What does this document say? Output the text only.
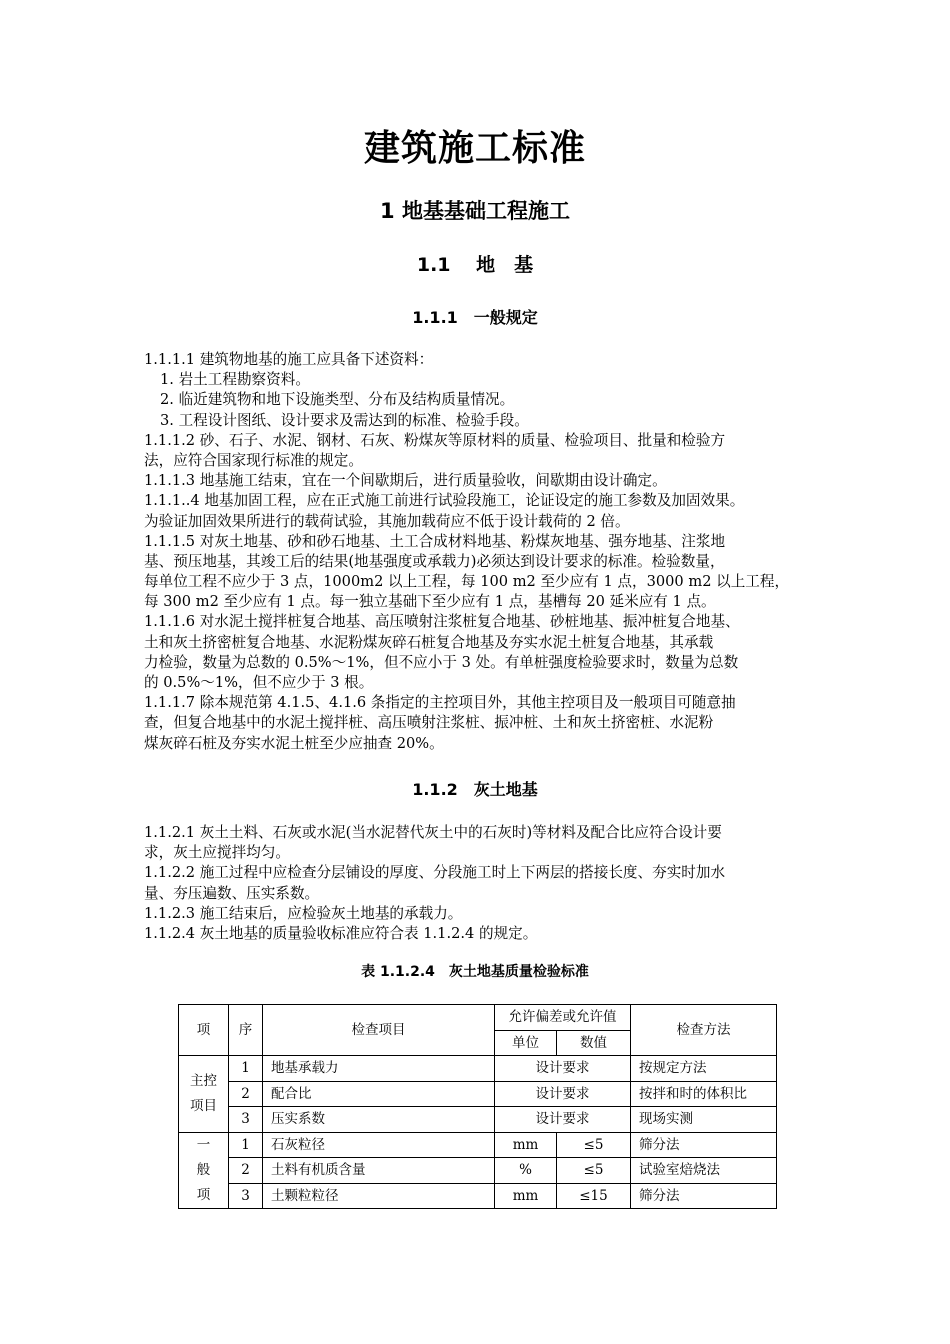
建筑施工标准
1 地基基础工程施工
1.1　 地　基
1.1.1　一般规定
1.1.1.1 建筑物地基的施工应具备下述资料：
1. 岩土工程勘察资料。
2. 临近建筑物和地下设施类型、分布及结构质量情况。
3. 工程设计图纸、设计要求及需达到的标准、检验手段。
1.1.1.2 砂、石子、水泥、钢材、石灰、粉煤灰等原材料的质量、检验项目、批量和检验方
法，应符合国家现行标准的规定。
1.1.1.3 地基施工结束，宜在一个间歇期后，进行质量验收，间歇期由设计确定。
1.1.1..4 地基加固工程，应在正式施工前进行试验段施工，论证设定的施工参数及加固效果。
为验证加固效果所进行的载荷试验，其施加载荷应不低于设计载荷的 2 倍。
1.1.1.5 对灰土地基、砂和砂石地基、土工合成材料地基、粉煤灰地基、强夯地基、注浆地
基、预压地基，其竣工后的结果(地基强度或承载力)必须达到设计要求的标准。检验数量，
每单位工程不应少于 3 点，1000m2 以上工程，每 100 m2 至少应有 1 点，3000 m2 以上工程，
每 300 m2 至少应有 1 点。每一独立基础下至少应有 1 点，基槽每 20 延米应有 1 点。
1.1.1.6 对水泥土搅拌桩复合地基、高压喷射注浆桩复合地基、砂桩地基、振冲桩复合地基、
土和灰土挤密桩复合地基、水泥粉煤灰碎石桩复合地基及夯实水泥土桩复合地基，其承载
力检验，数量为总数的 0.5%～1%，但不应小于 3 处。有单桩强度检验要求时，数量为总数
的 0.5%～1%，但不应少于 3 根。
1.1.1.7 除本规范第 4.1.5、4.1.6 条指定的主控项目外，其他主控项目及一般项目可随意抽
查，但复合地基中的水泥土搅拌桩、高压喷射注浆桩、振冲桩、土和灰土挤密桩、水泥粉
煤灰碎石桩及夯实水泥土桩至少应抽查 20%。
1.1.2　灰土地基
1.1.2.1 灰土土料、石灰或水泥(当水泥替代灰土中的石灰时)等材料及配合比应符合设计要
求，灰土应搅拌均匀。
1.1.2.2 施工过程中应检查分层铺设的厚度、分段施工时上下两层的搭接长度、夯实时加水
量、夯压遍数、压实系数。
1.1.2.3 施工结束后，应检验灰土地基的承载力。
1.1.2.4 灰土地基的质量验收标准应符合表 1.1.2.4 的规定。
表 1.1.2.4　灰土地基质量检验标准
项	序	检查项目	允许偏差或允许值		检查方法
			单位	数值	

主控
项目	1	地基承载力	设计要求		按规定方法
	2	配合比	设计要求		按拌和时的体积比
	3	压实系数	设计要求		现场实测

一
般
项	1	石灰粒径	mm	≤5	筛分法
	2	土料有机质含量	%	≤5	试验室焙烧法
	3	土颗粒粒径	mm	≤15	筛分法
